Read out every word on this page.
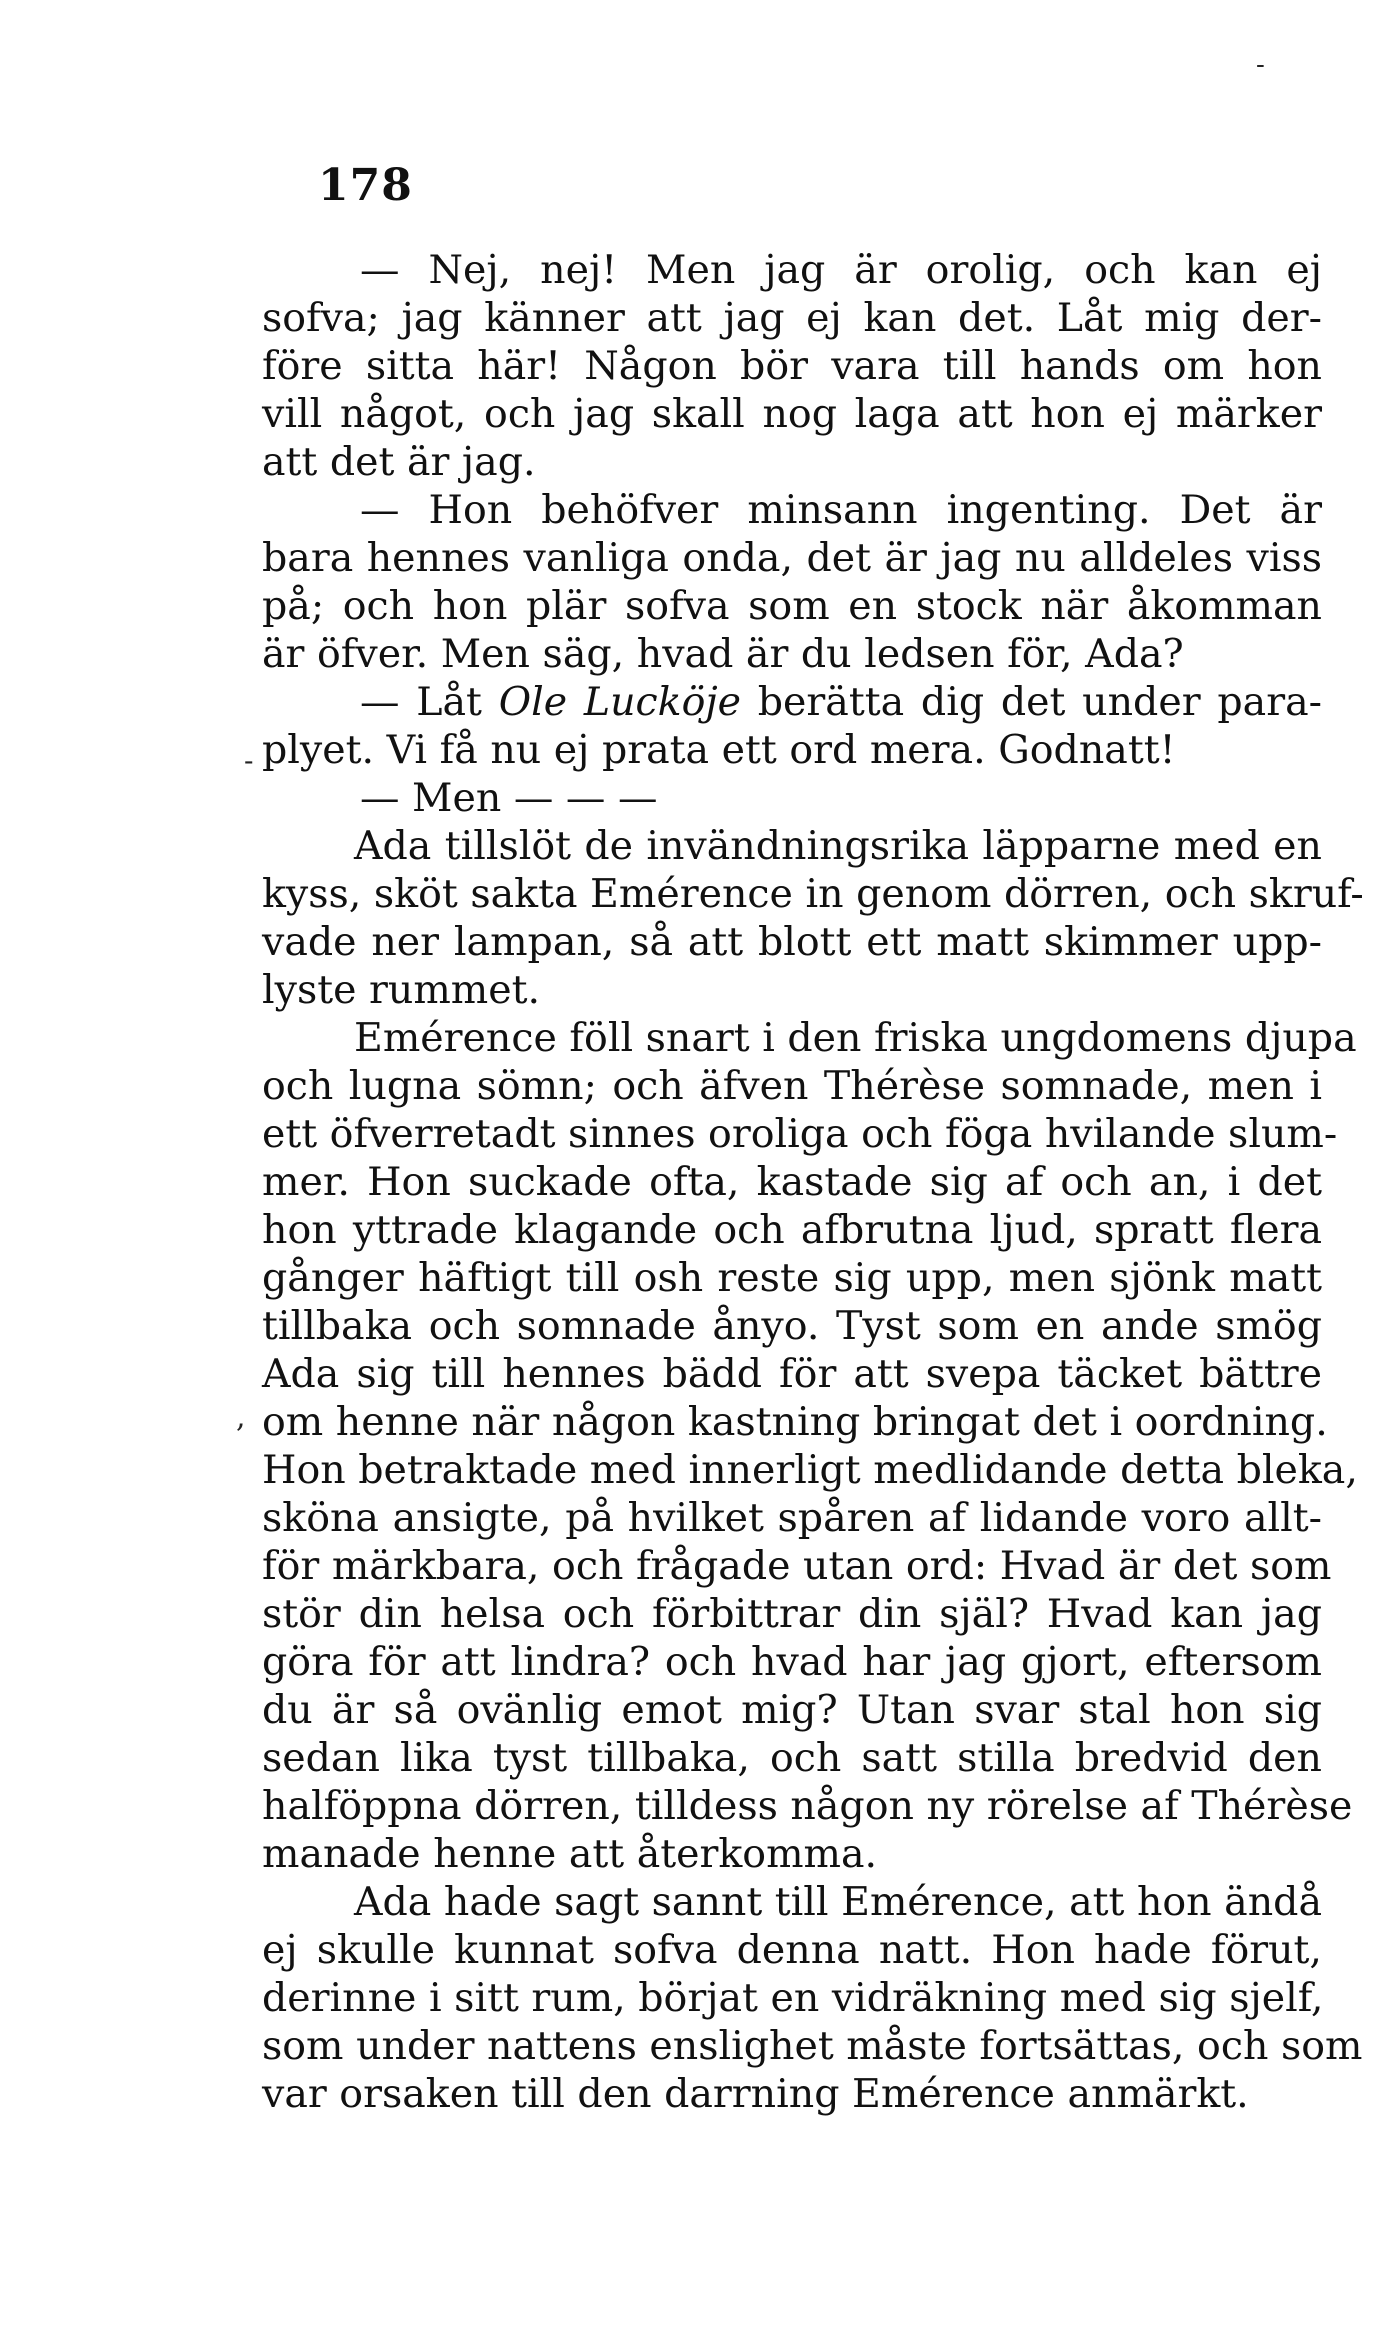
-
-
,
178
— Nej, nej! Men jag är orolig, och kan ej
sofva; jag känner att jag ej kan det. Låt mig der-
före sitta här! Någon bör vara till hands om hon
vill något, och jag skall nog laga att hon ej märker
att det är jag.
— Hon behöfver minsann ingenting. Det är
bara hennes vanliga onda, det är jag nu alldeles viss
på; och hon plär sofva som en stock när åkomman
är öfver. Men säg, hvad är du ledsen för, Ada?
— Låt Ole Lucköje berätta dig det under para-
plyet. Vi få nu ej prata ett ord mera. Godnatt!
— Men — — —
Ada tillslöt de invändningsrika läpparne med en
kyss, sköt sakta Emérence in genom dörren, och skruf-
vade ner lampan, så att blott ett matt skimmer upp-
lyste rummet.
Emérence föll snart i den friska ungdomens djupa
och lugna sömn; och äfven Thérèse somnade, men i
ett öfverretadt sinnes oroliga och föga hvilande slum-
mer. Hon suckade ofta, kastade sig af och an, i det
hon yttrade klagande och afbrutna ljud, spratt flera
gånger häftigt till osh reste sig upp, men sjönk matt
tillbaka och somnade ånyo. Tyst som en ande smög
Ada sig till hennes bädd för att svepa täcket bättre
om henne när någon kastning bringat det i oordning.
Hon betraktade med innerligt medlidande detta bleka,
sköna ansigte, på hvilket spåren af lidande voro allt-
för märkbara, och frågade utan ord: Hvad är det som
stör din helsa och förbittrar din själ? Hvad kan jag
göra för att lindra? och hvad har jag gjort, eftersom
du är så ovänlig emot mig? Utan svar stal hon sig
sedan lika tyst tillbaka, och satt stilla bredvid den
halföppna dörren, tilldess någon ny rörelse af Thérèse
manade henne att återkomma.
Ada hade sagt sannt till Emérence, att hon ändå
ej skulle kunnat sofva denna natt. Hon hade förut,
derinne i sitt rum, börjat en vidräkning med sig sjelf,
som under nattens enslighet måste fortsättas, och som
var orsaken till den darrning Emérence anmärkt.
